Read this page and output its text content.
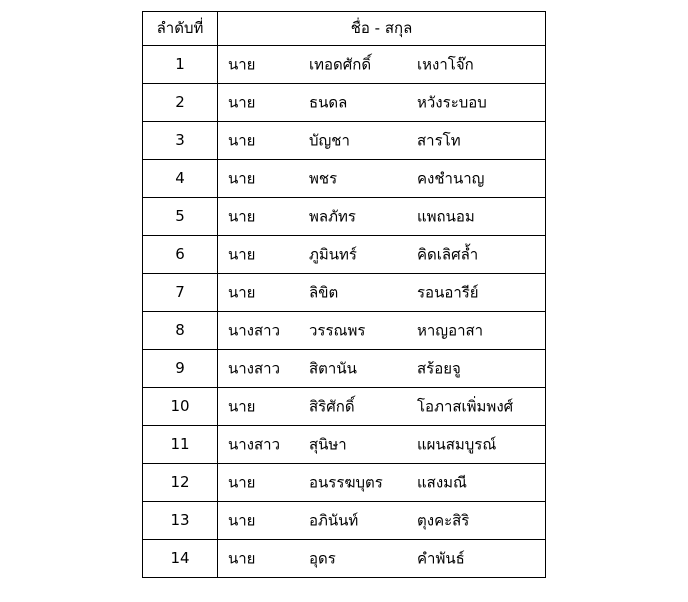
ลำดับที่	ชื่อ - สกุล
1	นาย เทอดศักดิ์ เหงาโจ๊ก

2	นาย ธนดล หวังระบอบ

3	นาย บัญชา สารโท

4	นาย พชร คงชำนาญ

5	นาย พลภัทร แพถนอม

6	นาย ภูมินทร์ คิดเลิศล้ำ

7	นาย ลิขิต รอนอารีย์

8	นางสาว วรรณพร หาญอาสา

9	นางสาว สิตานัน สร้อยจู

10	นาย สิริศักดิ์ โอภาสเพิ่มพงศ์

11	นางสาว สุนิษา แผนสมบูรณ์

12	นาย อนรรฆบุตร แสงมณี

13	นาย อภินันท์ ตุงคะสิริ

14	นาย อุดร คำพันธ์
